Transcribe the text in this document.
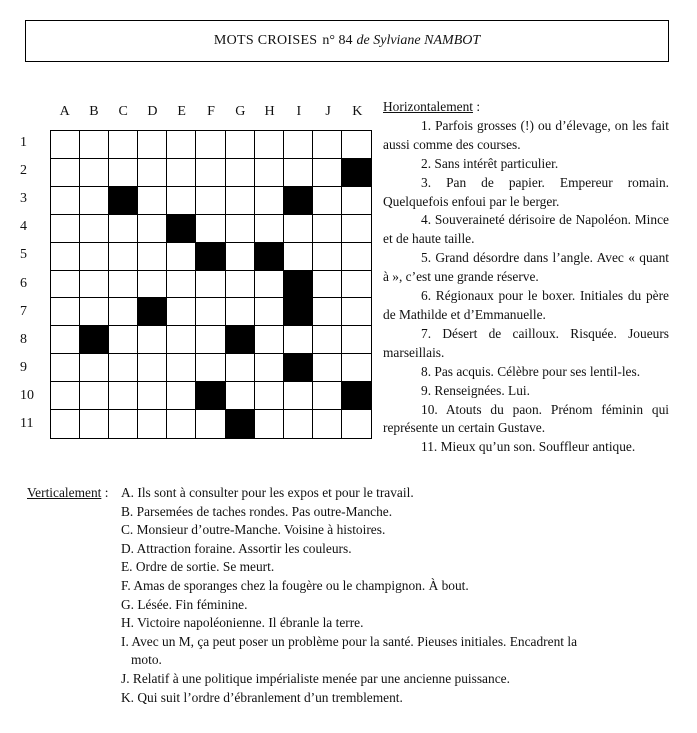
MOTS CROISES n° 84 de Sylviane NAMBOT
A	B	C	D	E	F	G	H	I	J	K
1
2
3
4
5
6
7
8
9
10
11
Horizontalement :

1. Parfois grosses (!) ou d’élevage, on les fait aussi comme des courses.

2. Sans intérêt particulier.

3. Pan de papier. Empereur romain. Quelquefois enfoui par le berger.

4. Souveraineté dérisoire de Napoléon. Mince et de haute taille.

5. Grand désordre dans l’angle. Avec « quant à », c’est une grande réserve.

6. Régionaux pour le boxer. Initiales du père de Mathilde et d’Emmanuelle.

7. Désert de cailloux. Risquée. Joueurs marseillais.

8. Pas acquis. Célèbre pour ses lentil-les.

9. Renseignées. Lui.

10. Atouts du paon. Prénom féminin qui représente un certain Gustave.

11. Mieux qu’un son. Souffleur antique.

Verticalement : A. Ils sont à consulter pour les expos et pour le travail.
B. Parsemées de taches rondes. Pas outre-Manche.
C. Monsieur d’outre-Manche. Voisine à histoires.
D. Attraction foraine. Assortir les couleurs.
E. Ordre de sortie. Se meurt.
F. Amas de sporanges chez la fougère ou le champignon. À bout.
G. Lésée. Fin féminine.
H. Victoire napoléonienne. Il ébranle la terre.
I. Avec un M, ça peut poser un problème pour la santé. Pieuses initiales. Encadrent la
moto.
J. Relatif à une politique impérialiste menée par une ancienne puissance.
K. Qui suit l’ordre d’ébranlement d’un tremblement.
